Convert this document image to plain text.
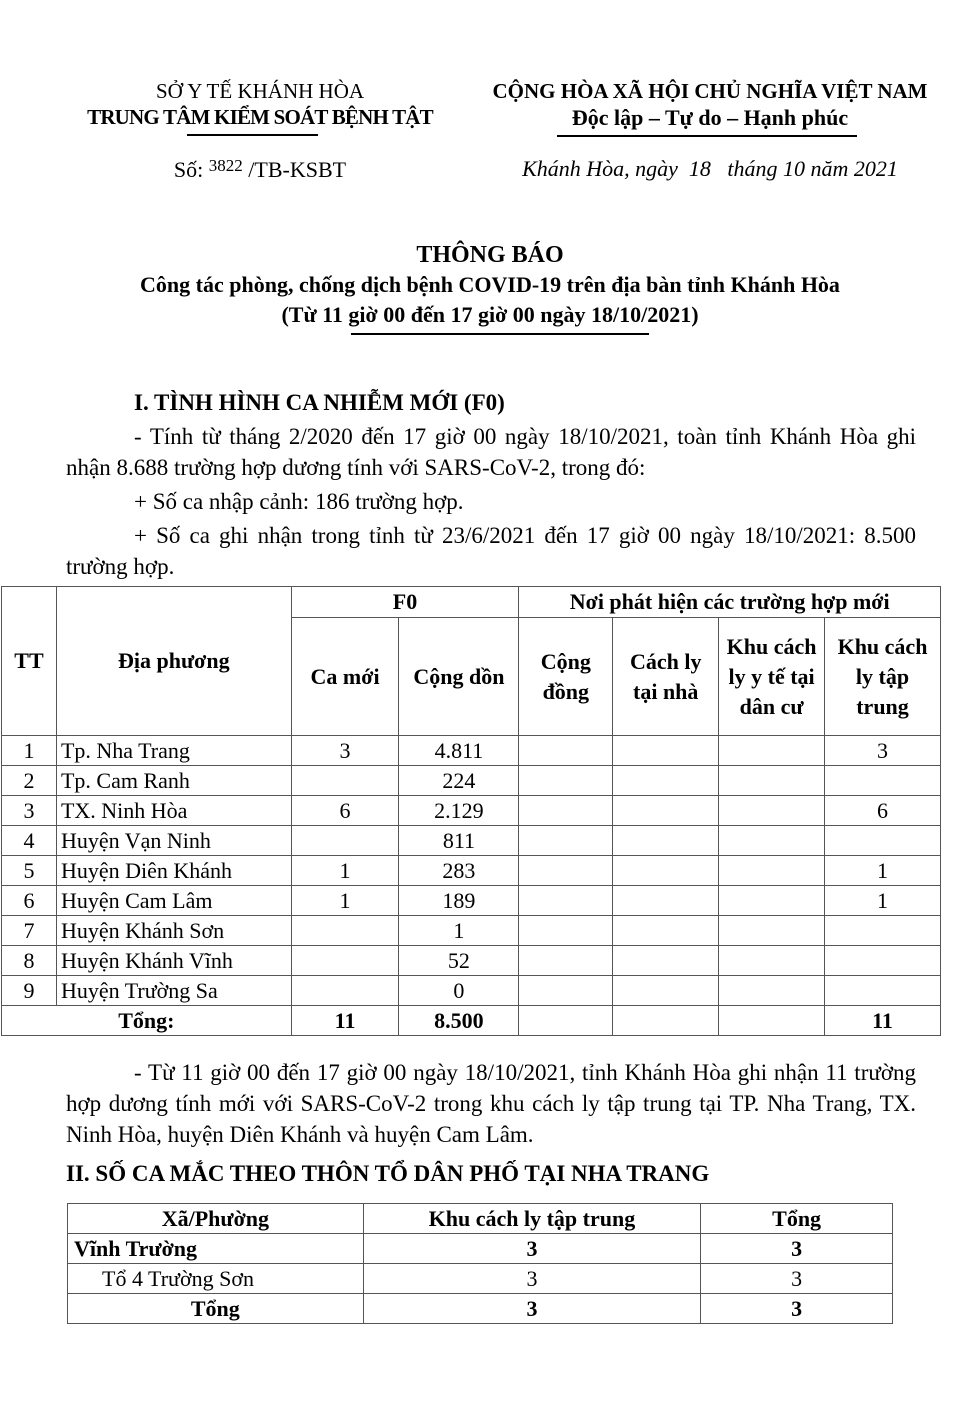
SỞ Y TẾ KHÁNH HÒA
TRUNG TÂM KIỂM SOÁT BỆNH TẬT
CỘNG HÒA XÃ HỘI CHỦ NGHĨA VIỆT NAM
Độc lập – Tự do – Hạnh phúc
Số: $^{3822}$ /TB-KSBT	Khánh Hòa, ngày  18   tháng 10 năm 2021
THÔNG BÁO
Công tác phòng, chống dịch bệnh COVID-19 trên địa bàn tỉnh Khánh Hòa
(Từ 11 giờ 00 đến 17 giờ 00 ngày 18/10/2021)
I. TÌNH HÌNH CA NHIỄM MỚI (F0)
- Tính từ tháng 2/2020 đến 17 giờ 00 ngày 18/10/2021, toàn tỉnh Khánh Hòa ghi nhận 8.688 trường hợp dương tính với SARS-CoV-2, trong đó:
+ Số ca nhập cảnh: 186 trường hợp.
+ Số ca ghi nhận trong tỉnh từ 23/6/2021 đến 17 giờ 00 ngày 18/10/2021: 8.500 trường hợp.
TT	Địa phương	F0		Nơi phát hiện các trường hợp mới			
		Ca mới	Cộng dồn	Cộng đồng	Cách ly tại nhà	Khu cách ly y tế tại dân cư	Khu cách ly tập trung
1	Tp. Nha Trang	3	4.811				3
2	Tp. Cam Ranh		224				
3	TX. Ninh Hòa	6	2.129				6
4	Huyện Vạn Ninh		811				
5	Huyện Diên Khánh	1	283				1
6	Huyện Cam Lâm	1	189				1
7	Huyện Khánh Sơn		1				
8	Huyện Khánh Vĩnh		52				
9	Huyện Trường Sa		0				
Tổng:		11	8.500				11
- Từ 11 giờ 00 đến 17 giờ 00 ngày 18/10/2021, tỉnh Khánh Hòa ghi nhận 11 trường hợp dương tính mới với SARS-CoV-2 trong khu cách ly tập trung tại TP. Nha Trang, TX. Ninh Hòa, huyện Diên Khánh và huyện Cam Lâm.
II. SỐ CA MẮC THEO THÔN TỔ DÂN PHỐ TẠI NHA TRANG
Xã/Phường	Khu cách ly tập trung	Tổng
Vĩnh Trường	3	3
Tổ 4 Trường Sơn	3	3
Tổng	3	3
